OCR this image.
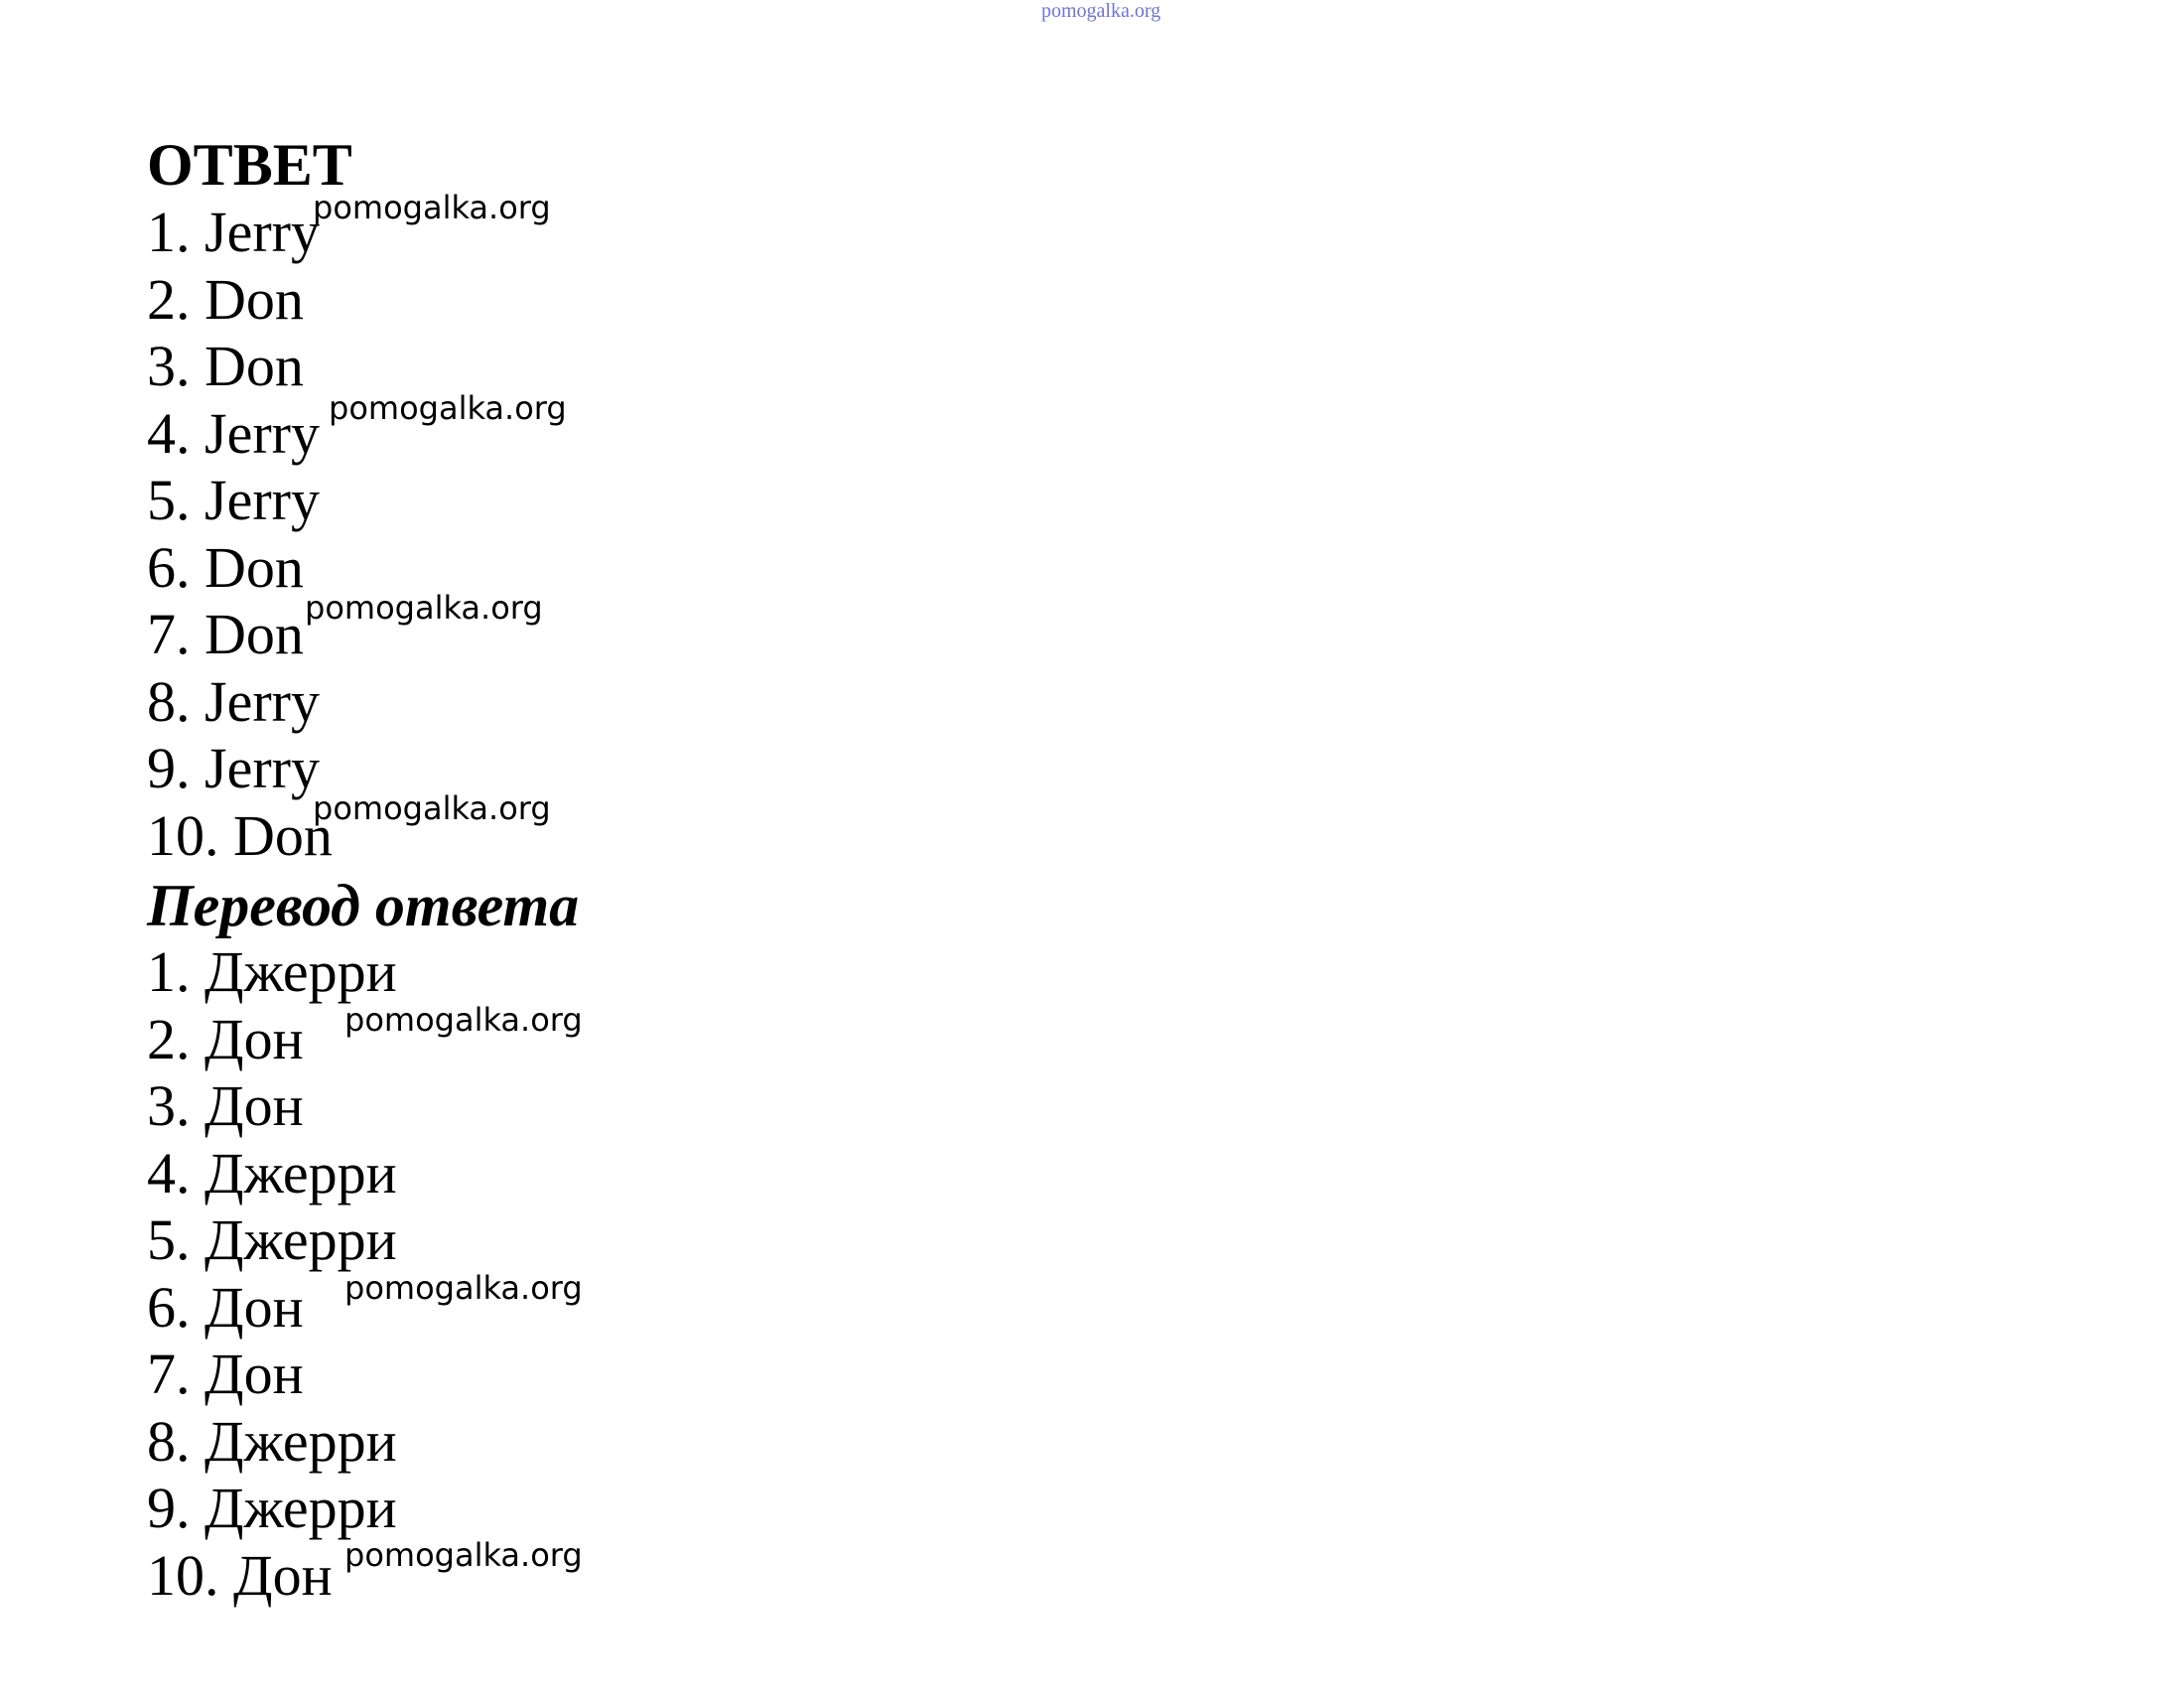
pomogalka.org
ОТВЕТ
1. Jerry
2. Don
3. Don
4. Jerry
5. Jerry
6. Don
7. Don
8. Jerry
9. Jerry
10. Don
Перевод ответа
1. Джерри
2. Дон
3. Дон
4. Джерри
5. Джерри
6. Дон
7. Дон
8. Джерри
9. Джерри
10. Дон
pomogalka.org
pomogalka.org
pomogalka.org
pomogalka.org
pomogalka.org
pomogalka.org
pomogalka.org
